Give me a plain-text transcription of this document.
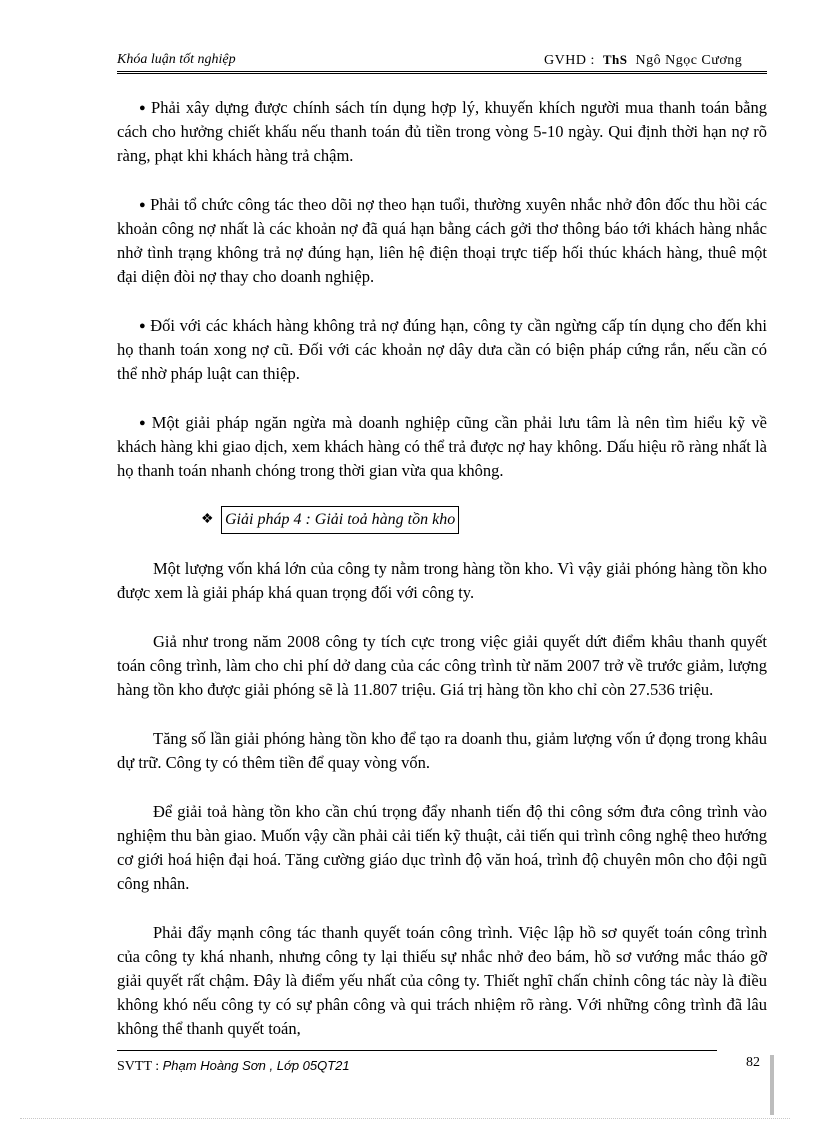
Khóa luận tốt nghiệp	GVHD : ThS Ngô Ngọc Cương

● Phải xây dựng được chính sách tín dụng hợp lý, khuyến khích người mua thanh toán bằng cách cho hưởng chiết khấu nếu thanh toán đủ tiền trong vòng 5-10 ngày. Qui định thời hạn nợ rõ ràng, phạt khi khách hàng trả chậm.

● Phải tổ chức công tác theo dõi nợ theo hạn tuổi, thường xuyên nhắc nhở đôn đốc thu hồi các khoản công nợ nhất là các khoản nợ đã quá hạn bằng cách gởi thơ thông báo tới khách hàng nhắc nhở tình trạng không trả nợ đúng hạn, liên hệ điện thoại trực tiếp hối thúc khách hàng, thuê một đại diện đòi nợ thay cho doanh nghiệp.

● Đối với các khách hàng không trả nợ đúng hạn, công ty cần ngừng cấp tín dụng cho đến khi họ thanh toán xong nợ cũ. Đối với các khoản nợ dây dưa cần có biện pháp cứng rắn, nếu cần có thể nhờ pháp luật can thiệp.

● Một giải pháp ngăn ngừa mà doanh nghiệp cũng cần phải lưu tâm là nên tìm hiểu kỹ về khách hàng khi giao dịch, xem khách hàng có thể trả được nợ hay không. Dấu hiệu rõ ràng nhất là họ thanh toán nhanh chóng trong thời gian vừa qua không.

❖ Giải pháp 4 : Giải toả hàng tồn kho

Một lượng vốn khá lớn của công ty nằm trong hàng tồn kho. Vì vậy giải phóng hàng tồn kho được xem là giải pháp khá quan trọng đối với công ty.

Giả như trong năm 2008 công ty tích cực trong việc giải quyết dứt điểm khâu thanh quyết toán công trình, làm cho chi phí dở dang của các công trình từ năm 2007 trở về trước giảm, lượng hàng tồn kho được giải phóng sẽ là 11.807 triệu. Giá trị hàng tồn kho chỉ còn 27.536 triệu.

Tăng số lần giải phóng hàng tồn kho để tạo ra doanh thu, giảm lượng vốn ứ đọng trong khâu dự trữ. Công ty có thêm tiền để quay vòng vốn.

Để giải toả hàng tồn kho cần chú trọng đẩy nhanh tiến độ thi công sớm đưa công trình vào nghiệm thu bàn giao. Muốn vậy cần phải cải tiến kỹ thuật, cải tiến qui trình công nghệ theo hướng cơ giới hoá hiện đại hoá. Tăng cường giáo dục trình độ văn hoá, trình độ chuyên môn cho đội ngũ công nhân.

Phải đẩy mạnh công tác thanh quyết toán công trình. Việc lập hồ sơ quyết toán công trình của công ty khá nhanh, nhưng công ty lại thiếu sự nhắc nhở đeo bám, hồ sơ vướng mắc tháo gỡ giải quyết rất chậm. Đây là điểm yếu nhất của công ty. Thiết nghĩ chấn chỉnh công tác này là điều không khó nếu công ty có sự phân công và qui trách nhiệm rõ ràng. Với những công trình đã lâu không thể thanh quyết toán,

SVTT : Phạm Hoàng Sơn , Lớp 05QT21	82
